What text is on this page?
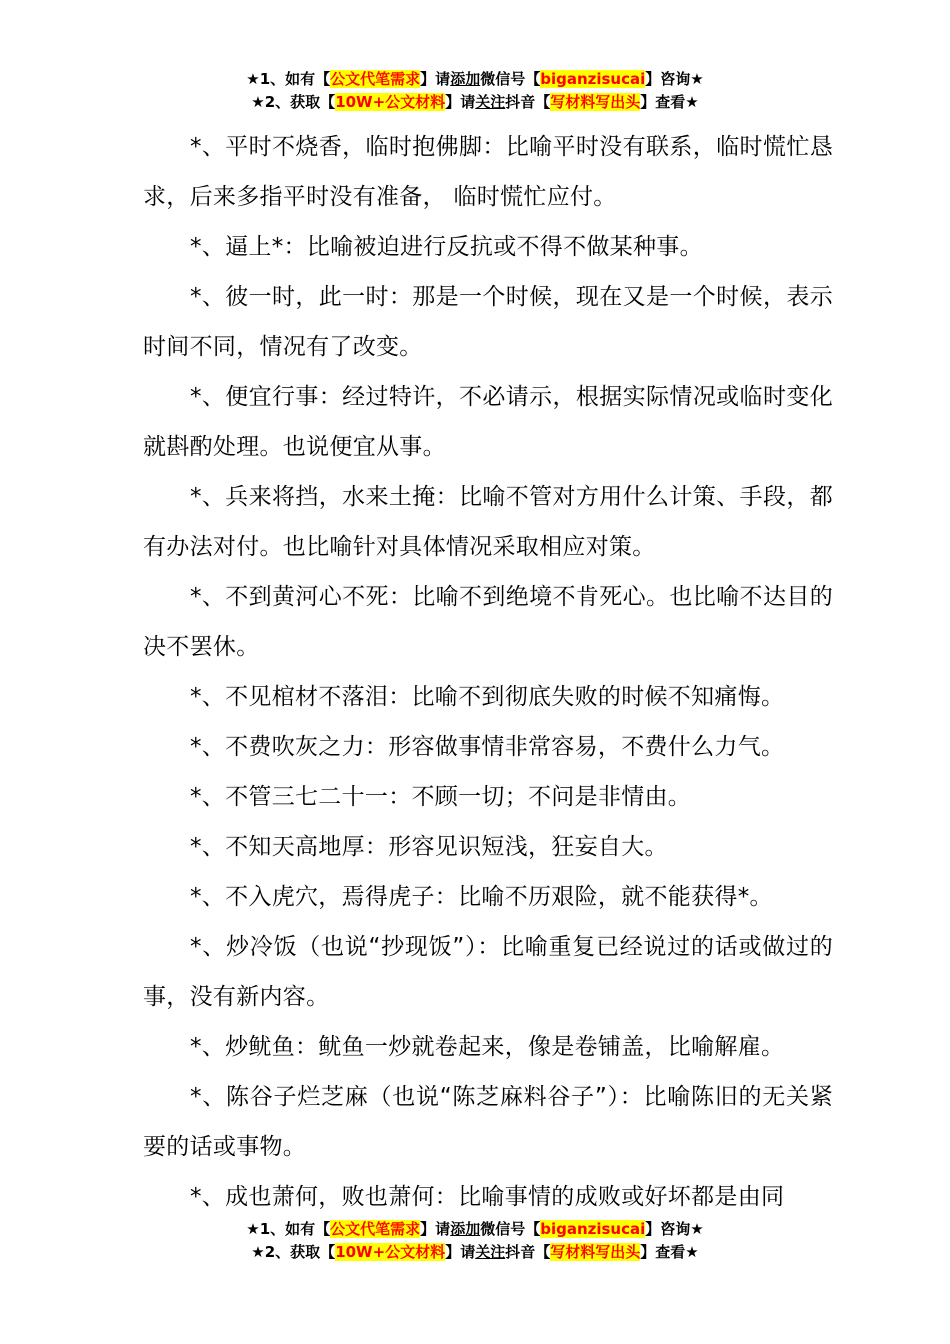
★1、如有【公文代笔需求】请添加微信号【biganzisucai】咨询★
★2、获取【10W+公文材料】请关注抖音【写材料写出头】查看★

*、平时不烧香，临时抱佛脚：比喻平时没有联系，临时慌忙恳求，后来多指平时没有准备， 临时慌忙应付。

*、逼上*：比喻被迫进行反抗或不得不做某种事。

*、彼一时，此一时：那是一个时候，现在又是一个时候，表示时间不同，情况有了改变。

*、便宜行事：经过特许，不必请示，根据实际情况或临时变化就斟酌处理。也说便宜从事。

*、兵来将挡，水来土掩：比喻不管对方用什么计策、手段，都有办法对付。也比喻针对具体情况采取相应对策。

*、不到黄河心不死：比喻不到绝境不肯死心。也比喻不达目的决不罢休。

*、不见棺材不落泪：比喻不到彻底失败的时候不知痛悔。

*、不费吹灰之力：形容做事情非常容易，不费什么力气。

*、不管三七二十一：不顾一切；不问是非情由。

*、不知天高地厚：形容见识短浅，狂妄自大。

*、不入虎穴，焉得虎子：比喻不历艰险，就不能获得*。

*、炒冷饭（也说“抄现饭”）：比喻重复已经说过的话或做过的事，没有新内容。

*、炒鱿鱼：鱿鱼一炒就卷起来，像是卷铺盖，比喻解雇。

*、陈谷子烂芝麻（也说“陈芝麻料谷子”）：比喻陈旧的无关紧要的话或事物。

*、成也萧何，败也萧何：比喻事情的成败或好坏都是由同

★1、如有【公文代笔需求】请添加微信号【biganzisucai】咨询★
★2、获取【10W+公文材料】请关注抖音【写材料写出头】查看★
